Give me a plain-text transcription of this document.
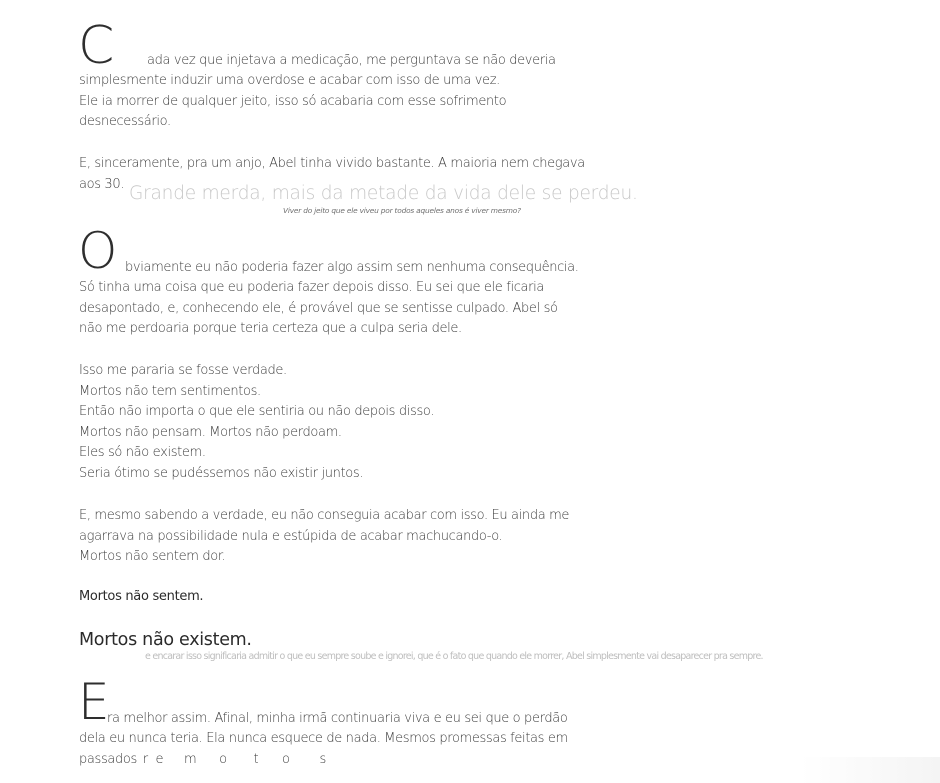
C	ada vez que injetava a medicação, me perguntava se não deveria
simplesmente induzir uma overdose e acabar com isso de uma vez.
Ele ia morrer de qualquer jeito, isso só acabaria com esse sofrimento
desnecessário.
E, sinceramente, pra um anjo, Abel tinha vivido bastante. A maioria nem chegava
aos 30. Grande merda, mais da metade da vida dele se perdeu.
Viver do jeito que ele viveu por todos aqueles anos é viver mesmo?
O bviamente eu não poderia fazer algo assim sem nenhuma consequência.
Só tinha uma coisa que eu poderia fazer depois disso. Eu sei que ele ficaria
desapontado, e, conhecendo ele, é provável que se sentisse culpado. Abel só
não me perdoaria porque teria certeza que a culpa seria dele.
Isso me pararia se fosse verdade.
Mortos não tem sentimentos.
Então não importa o que ele sentiria ou não depois disso.
Mortos não pensam. Mortos não perdoam.
Eles só não existem.
Seria ótimo se pudéssemos não existir juntos.
E, mesmo sabendo a verdade, eu não conseguia acabar com isso. Eu ainda me
agarrava na possibilidade nula e estúpida de acabar machucando-o.
Mortos não sentem dor.
Mortos não sentem.
Mortos não existem.
e encarar isso significaria admitir o que eu sempre soube e ignorei, que é o fato que quando ele morrer, Abel simplesmente vai desaparecer pra sempre.
E
ra melhor assim. Afinal, minha irmã continuaria viva e eu sei que o perdão
dela eu nunca teria. Ela nunca esquece de nada. Mesmos promessas feitas em
passados r e m o t o s
